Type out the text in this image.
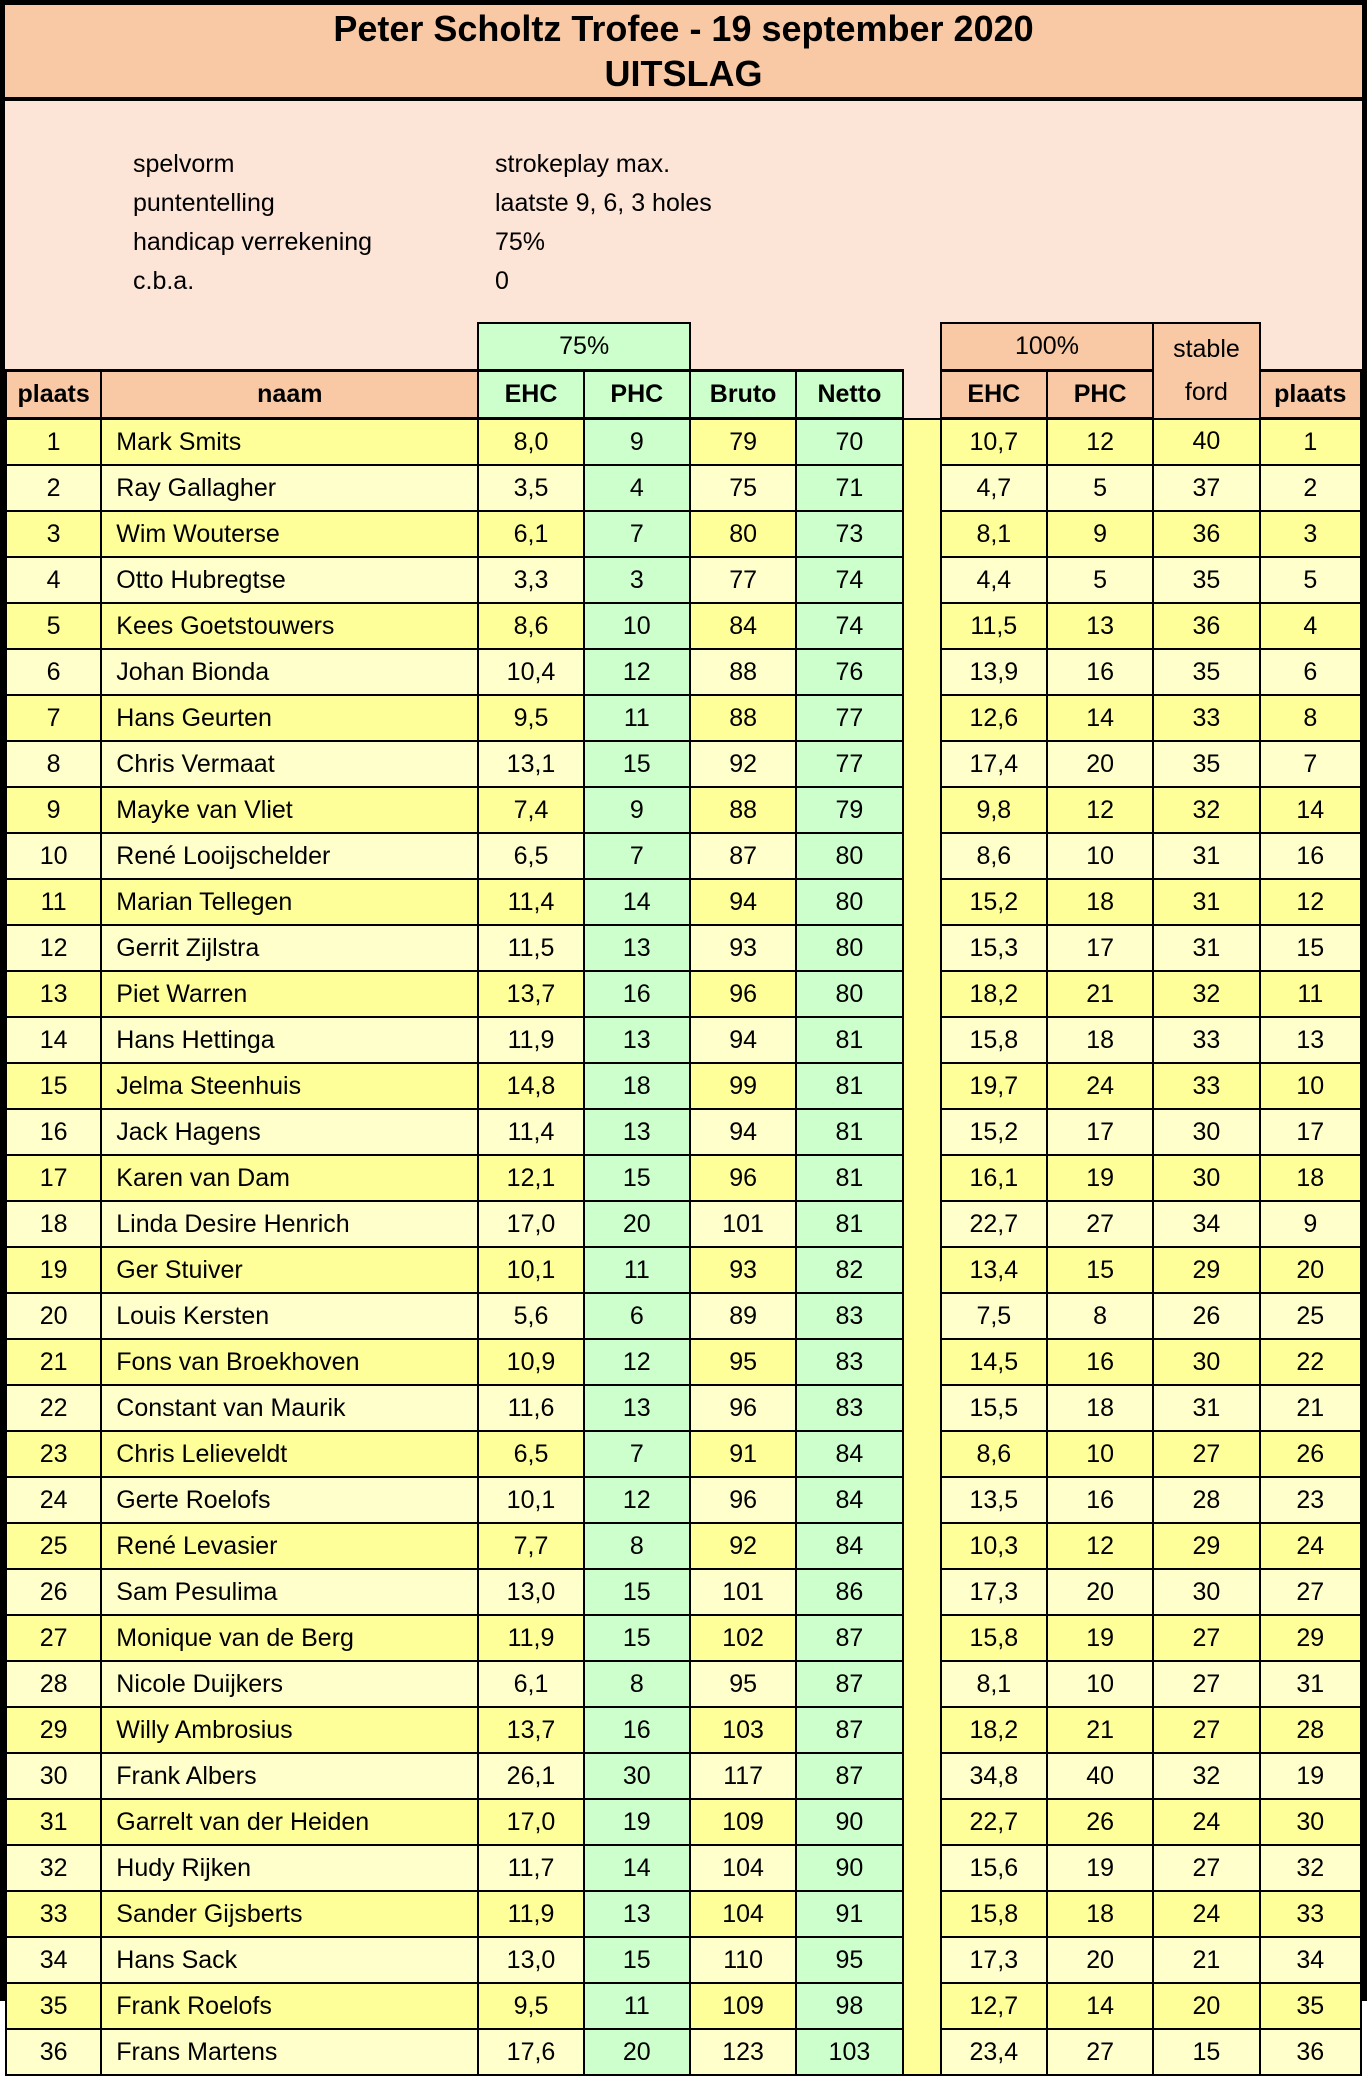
Peter Scholtz Trofee - 19 september 2020
UITSLAG
spelvorm	strokeplay max.
puntentelling	laatste 9, 6, 3 holes
handicap verrekening	75%
c.b.a.	0
		75%					100%		stable
ford	
plaats	naam	EHC	PHC	Bruto	Netto		EHC	PHC		plaats
1	Mark Smits	8,0	9	79	70		10,7	12	40	1
2	Ray Gallagher	3,5	4	75	71		4,7	5	37	2
3	Wim Wouterse	6,1	7	80	73		8,1	9	36	3
4	Otto Hubregtse	3,3	3	77	74		4,4	5	35	5
5	Kees Goetstouwers	8,6	10	84	74		11,5	13	36	4
6	Johan Bionda	10,4	12	88	76		13,9	16	35	6
7	Hans Geurten	9,5	11	88	77		12,6	14	33	8
8	Chris Vermaat	13,1	15	92	77		17,4	20	35	7
9	Mayke van Vliet	7,4	9	88	79		9,8	12	32	14
10	René Looijschelder	6,5	7	87	80		8,6	10	31	16
11	Marian Tellegen	11,4	14	94	80		15,2	18	31	12
12	Gerrit Zijlstra	11,5	13	93	80		15,3	17	31	15
13	Piet Warren	13,7	16	96	80		18,2	21	32	11
14	Hans Hettinga	11,9	13	94	81		15,8	18	33	13
15	Jelma Steenhuis	14,8	18	99	81		19,7	24	33	10
16	Jack Hagens	11,4	13	94	81		15,2	17	30	17
17	Karen van Dam	12,1	15	96	81		16,1	19	30	18
18	Linda Desire Henrich	17,0	20	101	81		22,7	27	34	9
19	Ger Stuiver	10,1	11	93	82		13,4	15	29	20
20	Louis Kersten	5,6	6	89	83		7,5	8	26	25
21	Fons van Broekhoven	10,9	12	95	83		14,5	16	30	22
22	Constant van Maurik	11,6	13	96	83		15,5	18	31	21
23	Chris Lelieveldt	6,5	7	91	84		8,6	10	27	26
24	Gerte Roelofs	10,1	12	96	84		13,5	16	28	23
25	René Levasier	7,7	8	92	84		10,3	12	29	24
26	Sam Pesulima	13,0	15	101	86		17,3	20	30	27
27	Monique van de Berg	11,9	15	102	87		15,8	19	27	29
28	Nicole Duijkers	6,1	8	95	87		8,1	10	27	31
29	Willy Ambrosius	13,7	16	103	87		18,2	21	27	28
30	Frank Albers	26,1	30	117	87		34,8	40	32	19
31	Garrelt van der Heiden	17,0	19	109	90		22,7	26	24	30
32	Hudy Rijken	11,7	14	104	90		15,6	19	27	32
33	Sander Gijsberts	11,9	13	104	91		15,8	18	24	33
34	Hans Sack	13,0	15	110	95		17,3	20	21	34
35	Frank Roelofs	9,5	11	109	98		12,7	14	20	35
36	Frans Martens	17,6	20	123	103		23,4	27	15	36
